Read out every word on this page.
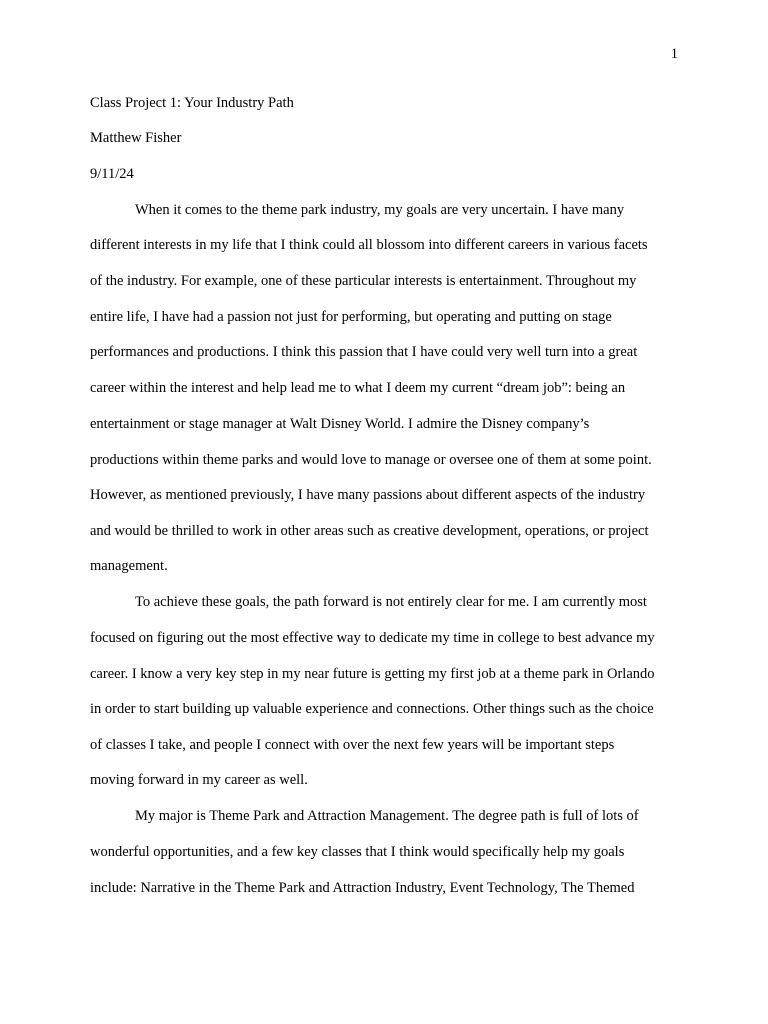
1
Class Project 1: Your Industry Path
Matthew Fisher
9/11/24
When it comes to the theme park industry, my goals are very uncertain. I have many
different interests in my life that I think could all blossom into different careers in various facets
of the industry. For example, one of these particular interests is entertainment. Throughout my
entire life, I have had a passion not just for performing, but operating and putting on stage
performances and productions. I think this passion that I have could very well turn into a great
career within the interest and help lead me to what I deem my current “dream job”: being an
entertainment or stage manager at Walt Disney World. I admire the Disney company’s
productions within theme parks and would love to manage or oversee one of them at some point.
However, as mentioned previously, I have many passions about different aspects of the industry
and would be thrilled to work in other areas such as creative development, operations, or project
management.
To achieve these goals, the path forward is not entirely clear for me. I am currently most
focused on figuring out the most effective way to dedicate my time in college to best advance my
career. I know a very key step in my near future is getting my first job at a theme park in Orlando
in order to start building up valuable experience and connections. Other things such as the choice
of classes I take, and people I connect with over the next few years will be important steps
moving forward in my career as well.
My major is Theme Park and Attraction Management. The degree path is full of lots of
wonderful opportunities, and a few key classes that I think would specifically help my goals
include: Narrative in the Theme Park and Attraction Industry, Event Technology, The Themed
